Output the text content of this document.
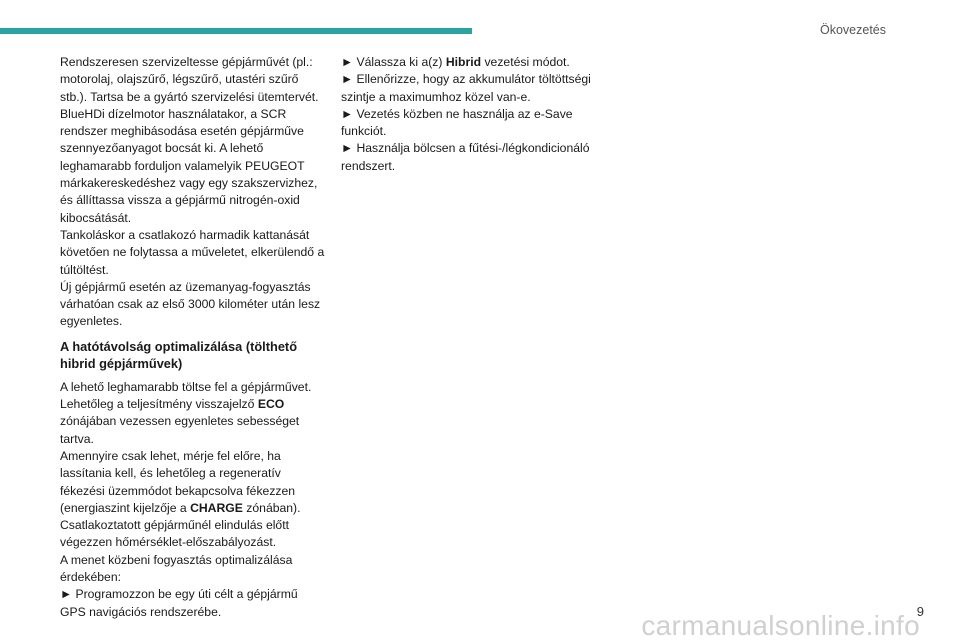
Ökovezetés

Rendszeresen szervizeltesse gépjárművét (pl.: motorolaj, olajszűrő, légszűrő, utastéri szűrő stb.). Tartsa be a gyártó szervizelési ütemtervét.

BlueHDi dízelmotor használatakor, a SCR rendszer meghibásodása esetén gépjárműve szennyezőanyagot bocsát ki. A lehető leghamarabb forduljon valamelyik PEUGEOT márkakereskedéshez vagy egy szakszervizhez, és állíttassa vissza a gépjármű nitrogén-oxid kibocsátását.

Tankoláskor a csatlakozó harmadik kattanását követően ne folytassa a műveletet, elkerülendő a túltöltést.

Új gépjármű esetén az üzemanyag-fogyasztás várhatóan csak az első 3000 kilométer után lesz egyenletes.

A hatótávolság optimalizálása (tölthető hibrid gépjárművek)

A lehető leghamarabb töltse fel a gépjárművet.

Lehetőleg a teljesítmény visszajelző ECO zónájában vezessen egyenletes sebességet tartva.

Amennyire csak lehet, mérje fel előre, ha lassítania kell, és lehetőleg a regeneratív fékezési üzemmódot bekapcsolva fékezzen (energiaszint kijelzője a CHARGE zónában).

Csatlakoztatott gépjárműnél elindulás előtt végezzen hőmérséklet-előszabályozást.

A menet közbeni fogyasztás optimalizálása érdekében:

► Programozzon be egy úti célt a gépjármű GPS navigációs rendszerébe.

► Válassza ki a(z) Hibrid vezetési módot.

► Ellenőrizze, hogy az akkumulátor töltöttségi szintje a maximumhoz közel van-e.

► Vezetés közben ne használja az e-Save funkciót.

► Használja bölcsen a fűtési-/légkondicionáló rendszert.

9
carmanualsonline.info
